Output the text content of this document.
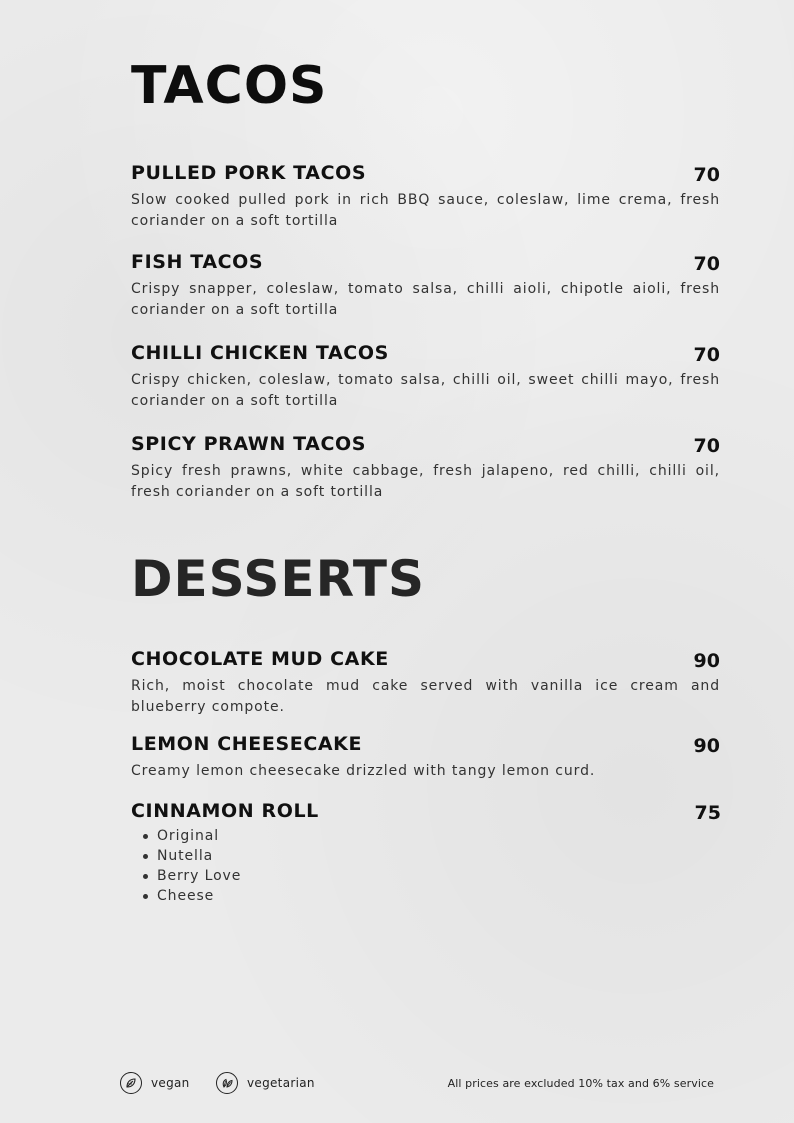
TACOS
PULLED PORK TACOS	70

Slow cooked pulled pork in rich BBQ sauce, coleslaw, lime crema, fresh coriander on a soft tortilla

FISH TACOS	70

Crispy snapper, coleslaw, tomato salsa, chilli aioli, chipotle aioli, fresh coriander on a soft tortilla

CHILLI CHICKEN TACOS	70

Crispy chicken, coleslaw, tomato salsa, chilli oil, sweet chilli mayo, fresh coriander on a soft tortilla

SPICY PRAWN TACOS	70

Spicy fresh prawns, white cabbage, fresh jalapeno, red chilli, chilli oil, fresh coriander on a soft tortilla

DESSERTS
CHOCOLATE MUD CAKE	90

Rich, moist chocolate mud cake served with vanilla ice cream and blueberry compote.

LEMON CHEESECAKE	90

Creamy lemon cheesecake drizzled with tangy lemon curd.

CINNAMON ROLL	75
Original
Nutella
Berry Love
Cheese
vegan	vegetarian	All prices are excluded 10% tax and 6% service
